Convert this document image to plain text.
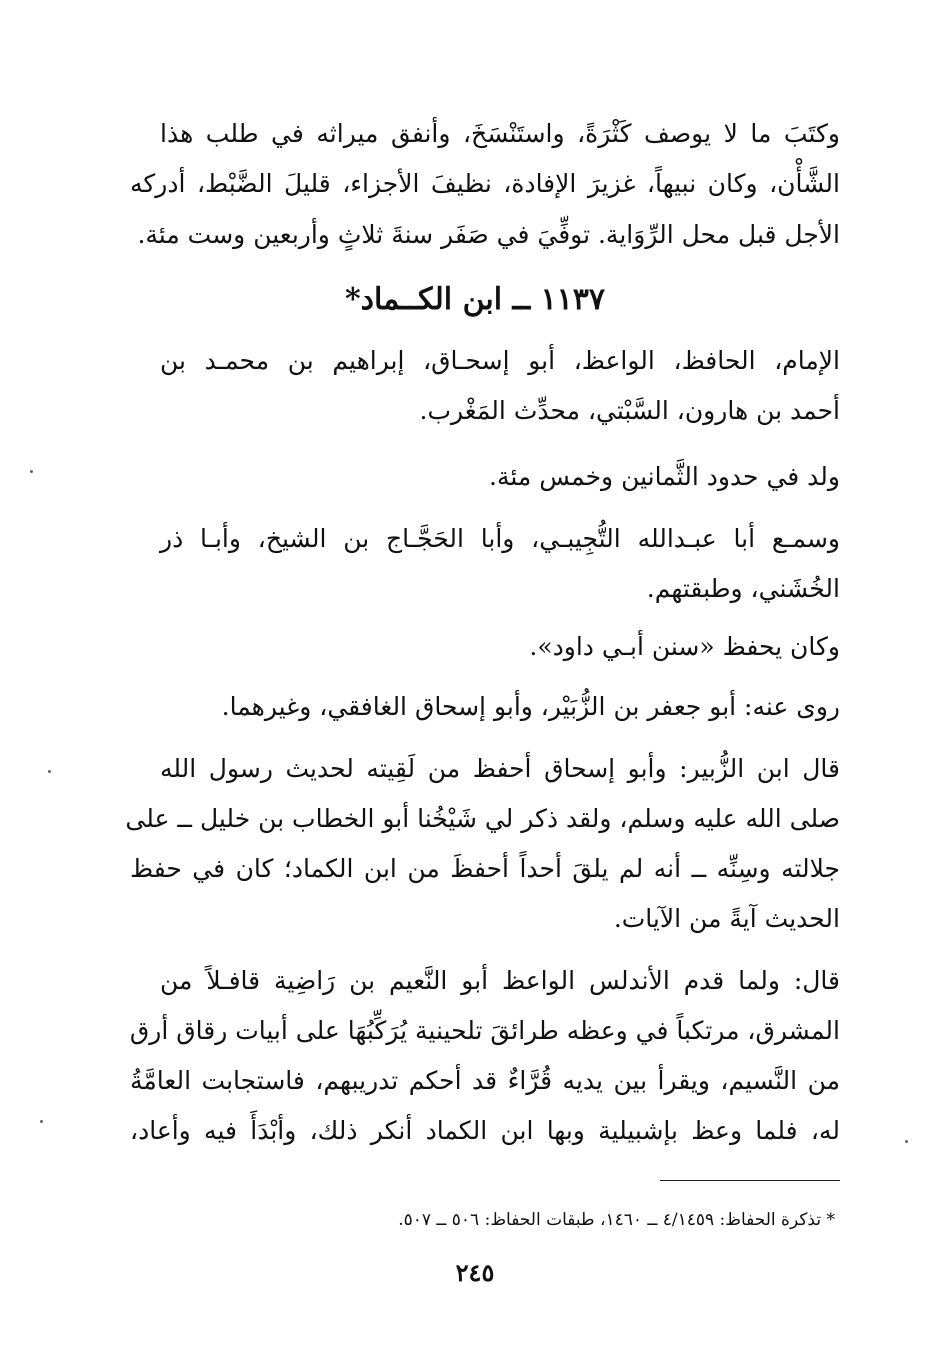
وكتَبَ ما لا يوصف كَثْرَةً، واستَنْسَخَ، وأنفق ميراثه في طلب هذا
الشَّأْن، وكان نبيهاً، غزيرَ الإفادة، نظيفَ الأجزاء، قليلَ الضَّبْط، أدركه
الأجل قبل محل الرِّوَاية. توفِّيَ في صَفَر سنةَ ثلاثٍ وأربعين وست مئة.
١١٣٧ ــ ابن الكــماد*
الإمام، الحافظ، الواعظ، أبو إسحـاق، إبراهيم بن محمـد بن
أحمد بن هارون، السَّبْتي، محدِّث المَغْرب.
ولد في حدود الثَّمانين وخمس مئة.
وسمـع أبا عبـدالله التُّجِيبـي، وأبا الحَجَّـاج بن الشيخ، وأبـا ذر
الخُشَني، وطبقتهم.
وكان يحفظ «سنن أبـي داود».
روى عنه: أبو جعفر بن الزُّبَيْر، وأبو إسحاق الغافقي، وغيرهما.
قال ابن الزُّبير: وأبو إسحاق أحفظ من لَقِيته لحديث رسول الله
صلى الله عليه وسلم، ولقد ذكر لي شَيْخُنا أبو الخطاب بن خليل ــ على
جلالته وسِنِّه ــ أنه لم يلقَ أحداً أحفظَ من ابن الكماد؛ كان في حفظ
الحديث آيةً من الآيات.
قال: ولما قدم الأندلس الواعظ أبو النَّعيم بن رَاضِية قافـلاً من
المشرق، مرتكباً في وعظه طرائقَ تلحينية يُرَكِّبُهَا على أبيات رقاق أرق
من النَّسيم، ويقرأ بين يديه قُرَّاءٌ قد أحكم تدريبهم، فاستجابت العامَّةُ
له، فلما وعظ بإشبيلية وبها ابن الكماد أنكر ذلك، وأبْدَأَ فيه وأعاد،
* تذكرة الحفاظ: ٤/١٤٥٩ ــ ١٤٦٠، طبقات الحفاظ: ٥٠٦ ــ ٥٠٧.
٢٤٥
